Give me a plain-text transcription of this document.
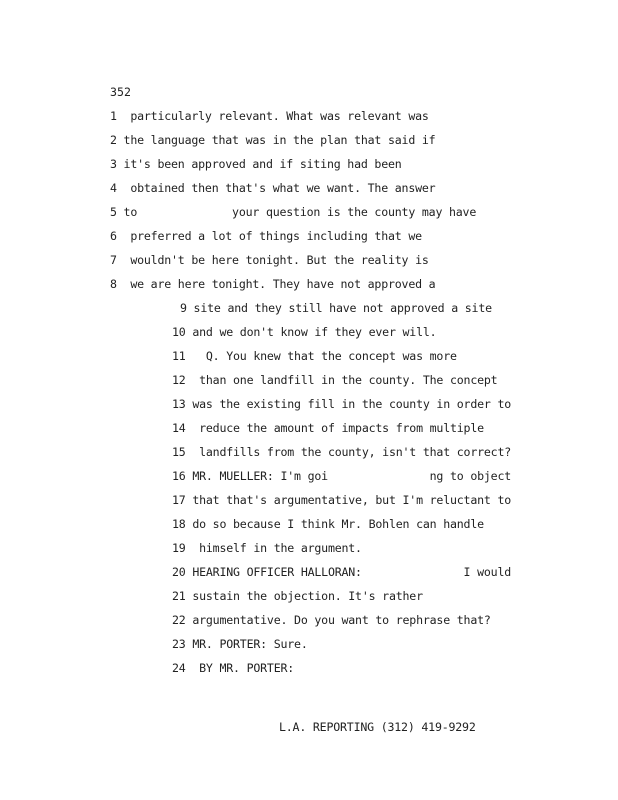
352
1  particularly relevant. What was relevant was
2 the language that was in the plan that said if
3 it's been approved and if siting had been
4  obtained then that's what we want. The answer
5 to              your question is the county may have
6  preferred a lot of things including that we
7  wouldn't be here tonight. But the reality is
8  we are here tonight. They have not approved a
9 site and they still have not approved a site
10 and we don't know if they ever will.
11   Q. You knew that the concept was more
12  than one landfill in the county. The concept
13 was the existing fill in the county in order to
14  reduce the amount of impacts from multiple
15  landfills from the county, isn't that correct?
16 MR. MUELLER: I'm goi               ng to object
17 that that's argumentative, but I'm reluctant to
18 do so because I think Mr. Bohlen can handle
19  himself in the argument.
20 HEARING OFFICER HALLORAN:               I would
21 sustain the objection. It's rather
22 argumentative. Do you want to rephrase that?
23 MR. PORTER: Sure.
24  BY MR. PORTER:
L.A. REPORTING (312) 419-9292
